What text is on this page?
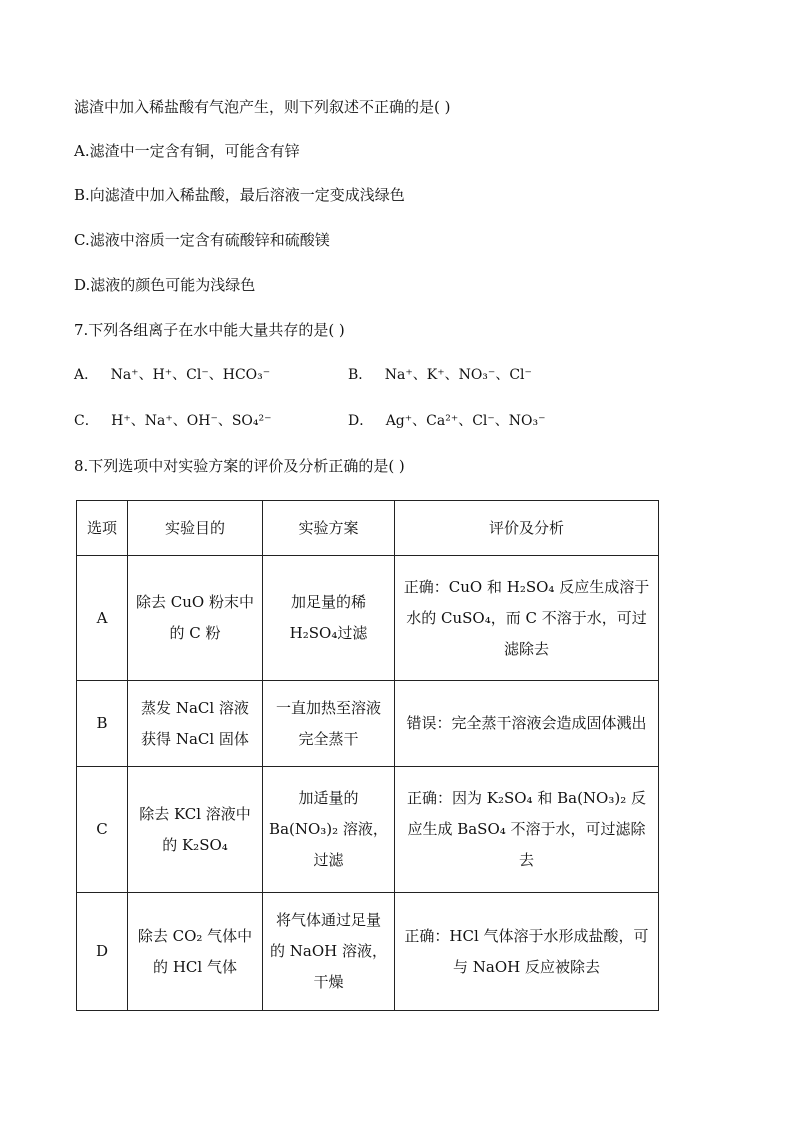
滤渣中加入稀盐酸有气泡产生，则下列叙述不正确的是( )
A.滤渣中一定含有铜，可能含有锌
B.向滤渣中加入稀盐酸，最后溶液一定变成浅绿色
C.滤液中溶质一定含有硫酸锌和硫酸镁
D.滤液的颜色可能为浅绿色
7.下列各组离子在水中能大量共存的是( )
A． Na⁺、H⁺、Cl⁻、HCO₃⁻	B． Na⁺、K⁺、NO₃⁻、Cl⁻
C． H⁺、Na⁺、OH⁻、SO₄²⁻	D． Ag⁺、Ca²⁺、Cl⁻、NO₃⁻
8.下列选项中对实验方案的评价及分析正确的是( )
选项	实验目的	实验方案	评价及分析
A	除去 CuO 粉末中的 C 粉	加足量的稀H₂SO₄过滤	正确：CuO 和 H₂SO₄ 反应生成溶于水的 CuSO₄，而 C 不溶于水，可过滤除去
B	蒸发 NaCl 溶液获得 NaCl 固体	一直加热至溶液完全蒸干	错误：完全蒸干溶液会造成固体溅出
C	除去 KCl 溶液中的 K₂SO₄	加适量的 Ba(NO₃)₂ 溶液，过滤	正确：因为 K₂SO₄ 和 Ba(NO₃)₂ 反应生成 BaSO₄ 不溶于水，可过滤除去
D	除去 CO₂ 气体中的 HCl 气体	将气体通过足量的 NaOH 溶液，干燥	正确：HCl 气体溶于水形成盐酸，可与 NaOH 反应被除去
